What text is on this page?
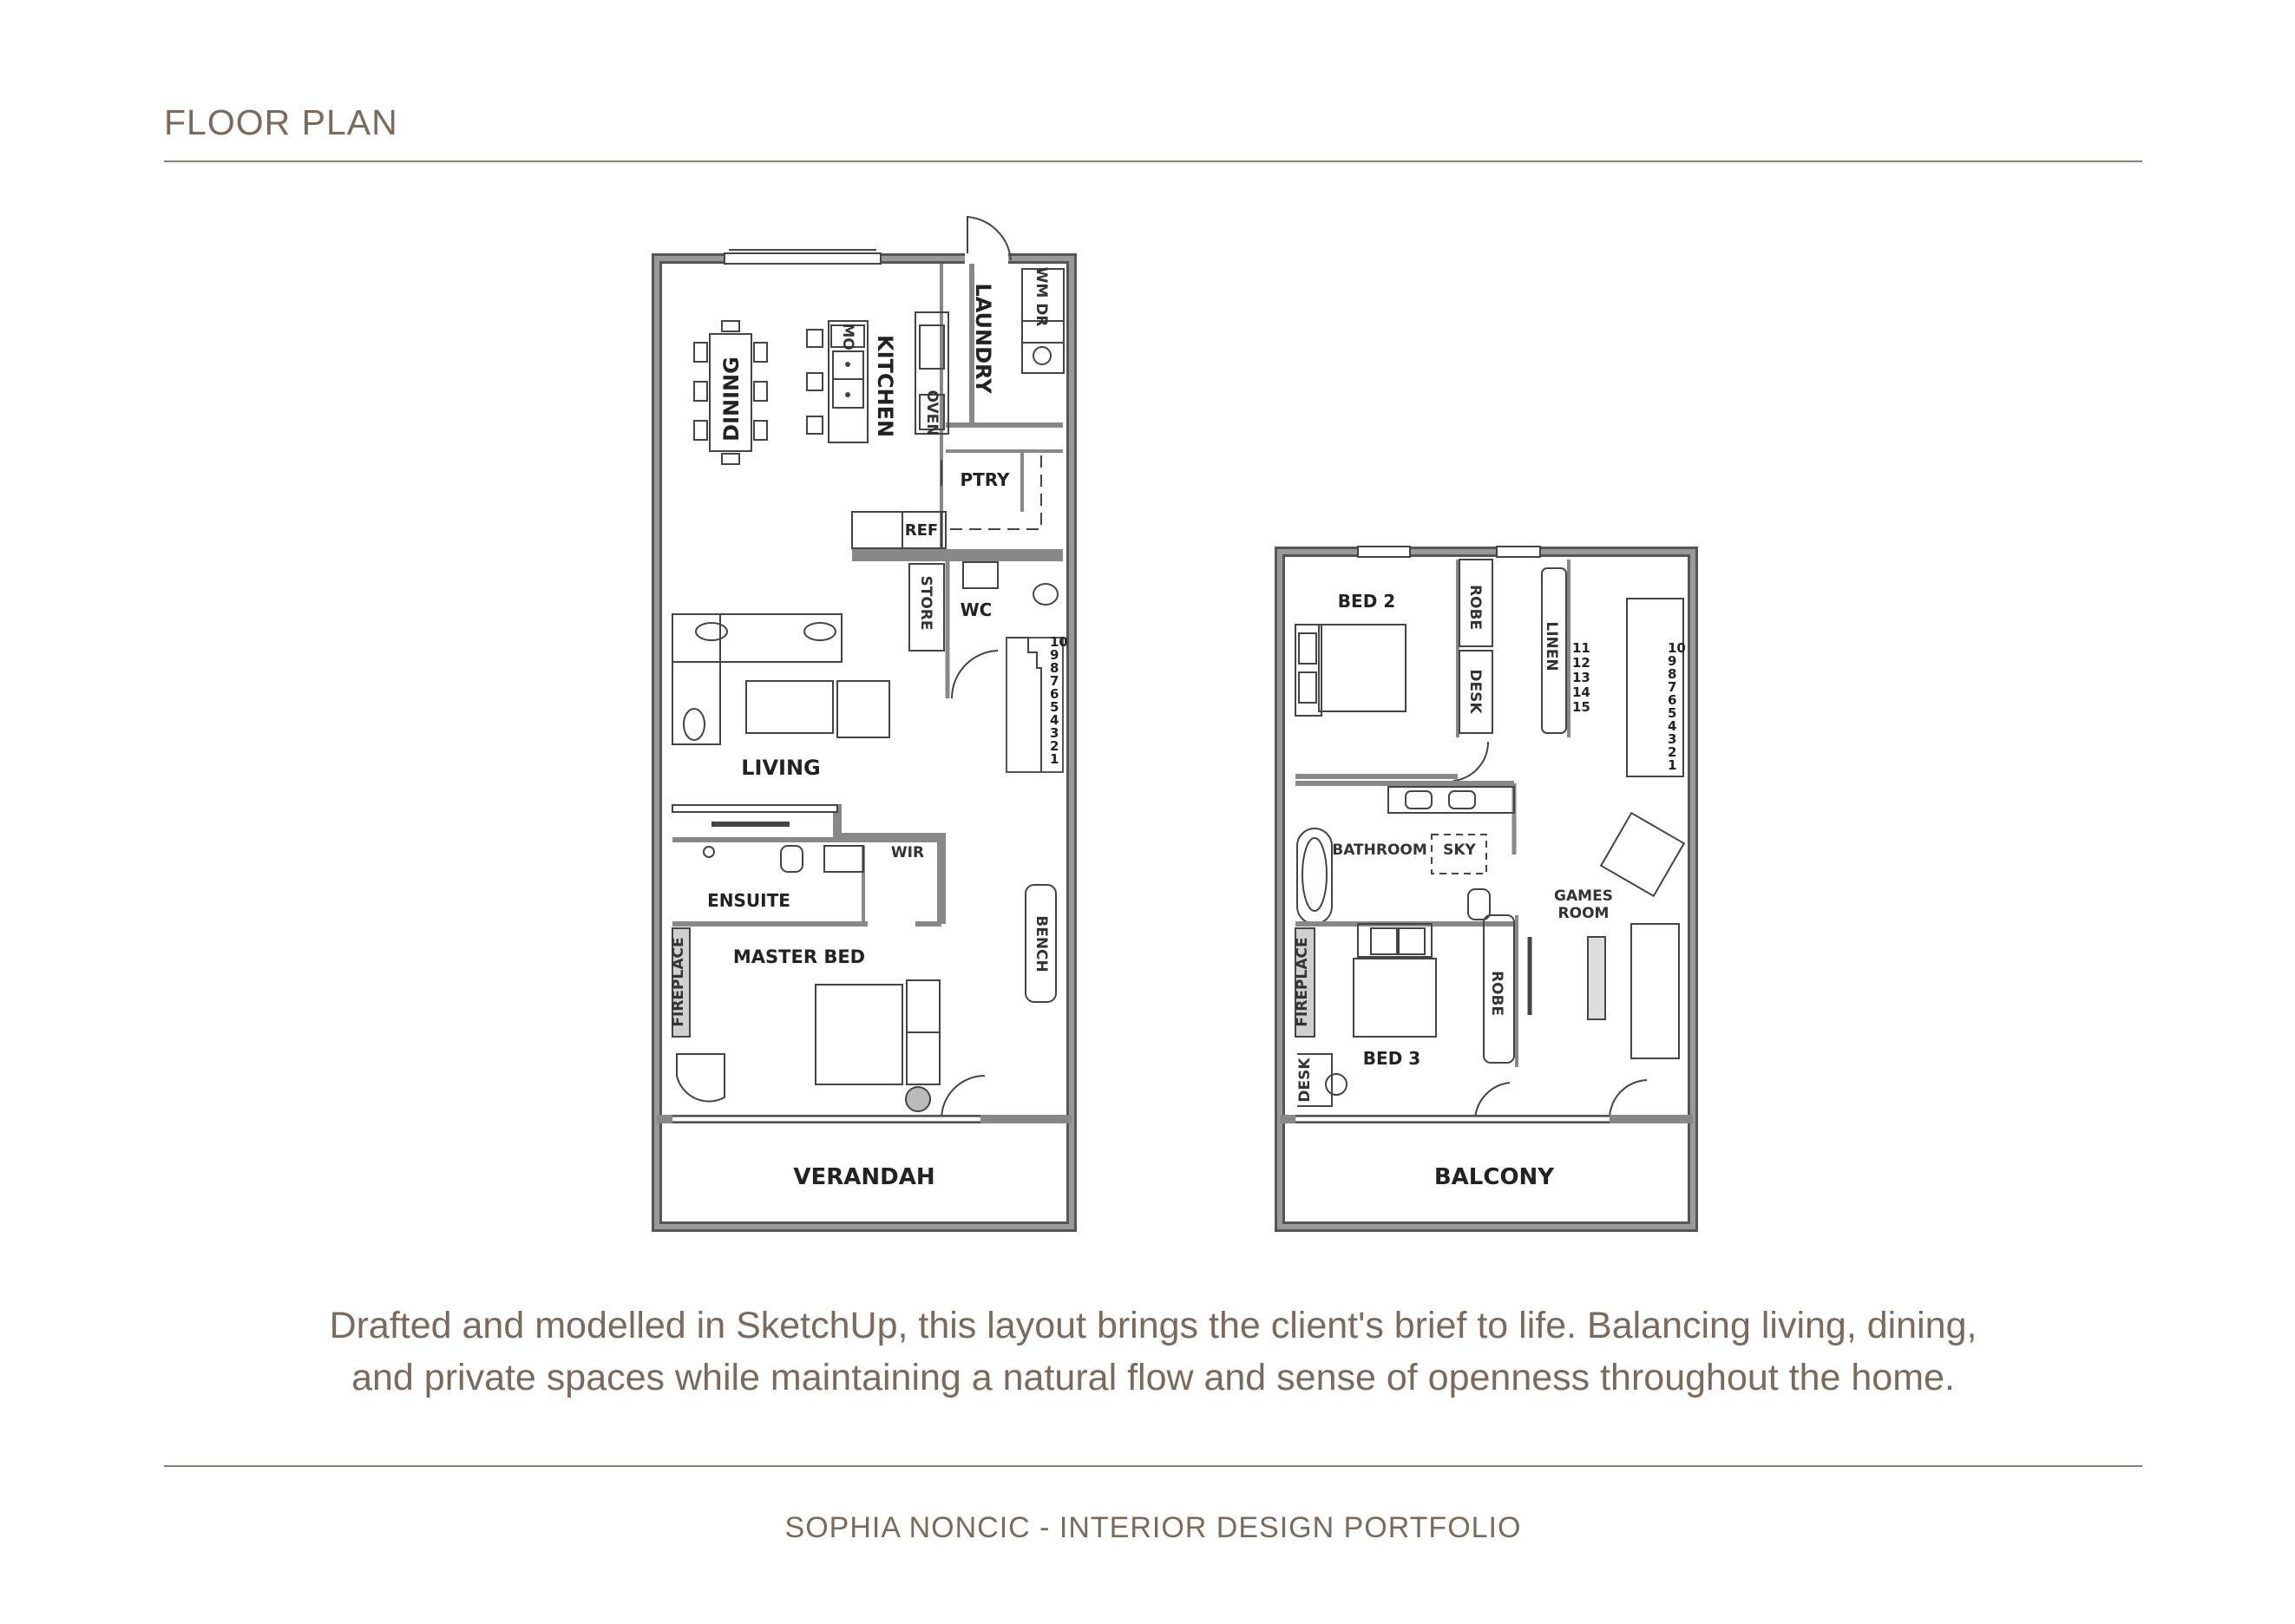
FLOOR PLAN
DINING	KITCHEN	LAUNDRY	WM DR
MO
OVEN
PTRY
REF
STORE WC
LIVING
ENSUITE
WIR
MASTER BED
FIREPLACE	BENCH
VERANDAH
10
9
8
7
6
5
4
3
2
1
BED 2	ROBE
DESK
LINEN
BATHROOM SKY
GAMES
ROOM
FIREPLACE	ROBE
BED 3
DESK
BALCONY
11
12
13
14
15
10
9
8
7
6
5
4
3
2
1
Drafted and modelled in SketchUp, this layout brings the client's brief to life. Balancing living, dining,
and private spaces while maintaining a natural flow and sense of openness throughout the home.
SOPHIA NONCIC - INTERIOR DESIGN PORTFOLIO
